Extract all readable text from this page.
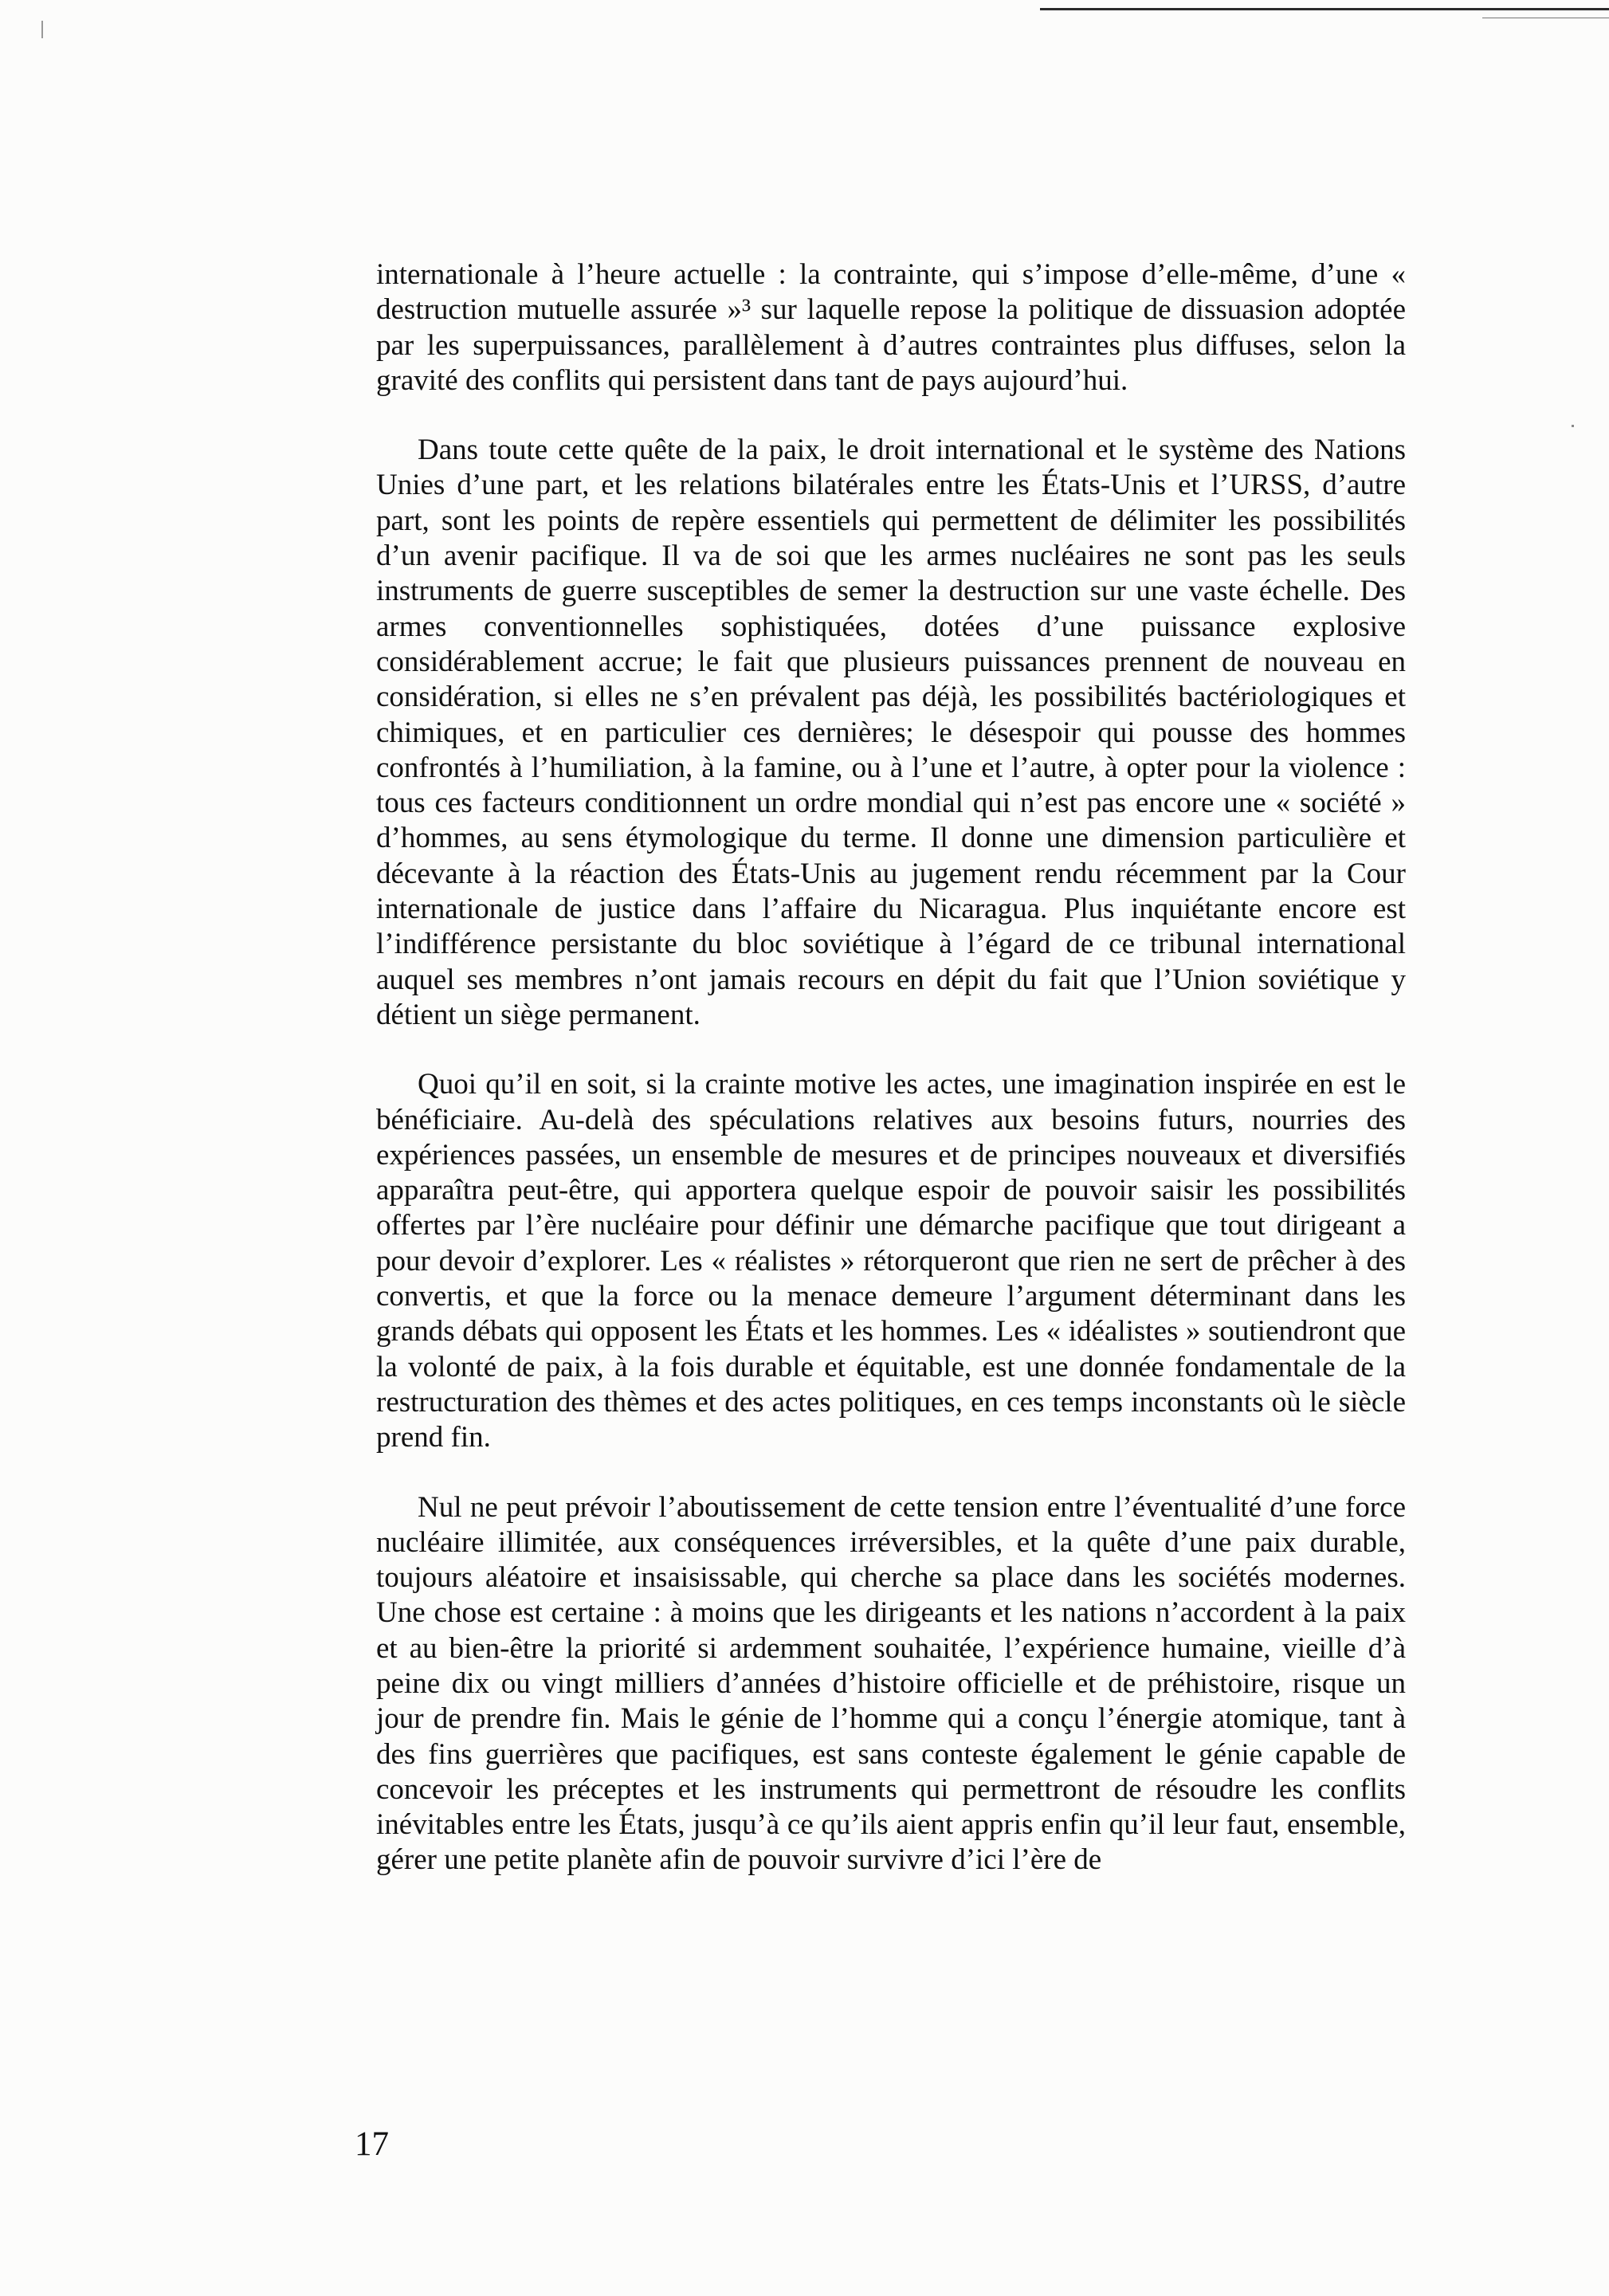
internationale à l’heure actuelle : la contrainte, qui s’impose d’elle-même, d’une « destruction mutuelle assurée »³ sur laquelle repose la politique de dissuasion adoptée par les superpuissances, parallèlement à d’autres contraintes plus diffuses, selon la gravité des conflits qui persistent dans tant de pays aujourd’hui.

Dans toute cette quête de la paix, le droit international et le système des Nations Unies d’une part, et les relations bilatérales entre les États-Unis et l’URSS, d’autre part, sont les points de repère essentiels qui permettent de délimiter les possibilités d’un avenir pacifique. Il va de soi que les armes nucléaires ne sont pas les seuls instruments de guerre susceptibles de semer la destruction sur une vaste échelle. Des armes conventionnelles sophistiquées, dotées d’une puissance explosive considérablement accrue; le fait que plusieurs puissances prennent de nouveau en considération, si elles ne s’en prévalent pas déjà, les possibilités bactériologiques et chimiques, et en particulier ces dernières; le désespoir qui pousse des hommes confrontés à l’humiliation, à la famine, ou à l’une et l’autre, à opter pour la violence : tous ces facteurs conditionnent un ordre mondial qui n’est pas encore une « société » d’hommes, au sens étymologique du terme. Il donne une dimension particulière et décevante à la réaction des États-Unis au jugement rendu récemment par la Cour internationale de justice dans l’affaire du Nicaragua. Plus inquiétante encore est l’indifférence persistante du bloc soviétique à l’égard de ce tribunal international auquel ses membres n’ont jamais recours en dépit du fait que l’Union soviétique y détient un siège permanent.

Quoi qu’il en soit, si la crainte motive les actes, une imagination inspirée en est le bénéficiaire. Au-delà des spéculations relatives aux besoins futurs, nourries des expériences passées, un ensemble de mesures et de principes nouveaux et diversifiés apparaîtra peut-être, qui apportera quelque espoir de pouvoir saisir les possibilités offertes par l’ère nucléaire pour définir une démarche pacifique que tout dirigeant a pour devoir d’explorer. Les « réalistes » rétorqueront que rien ne sert de prêcher à des convertis, et que la force ou la menace demeure l’argument déterminant dans les grands débats qui opposent les États et les hommes. Les « idéalistes » soutiendront que la volonté de paix, à la fois durable et équitable, est une donnée fondamentale de la restructuration des thèmes et des actes politiques, en ces temps inconstants où le siècle prend fin.

Nul ne peut prévoir l’aboutissement de cette tension entre l’éventualité d’une force nucléaire illimitée, aux conséquences irréversibles, et la quête d’une paix durable, toujours aléatoire et insaisissable, qui cherche sa place dans les sociétés modernes. Une chose est certaine : à moins que les dirigeants et les nations n’accordent à la paix et au bien-être la priorité si ardemment souhaitée, l’expérience humaine, vieille d’à peine dix ou vingt milliers d’années d’histoire officielle et de préhistoire, risque un jour de prendre fin. Mais le génie de l’homme qui a conçu l’énergie atomique, tant à des fins guerrières que pacifiques, est sans conteste également le génie capable de concevoir les préceptes et les instruments qui permettront de résoudre les conflits inévitables entre les États, jusqu’à ce qu’ils aient appris enfin qu’il leur faut, ensemble, gérer une petite planète afin de pouvoir survivre d’ici l’ère de

17
